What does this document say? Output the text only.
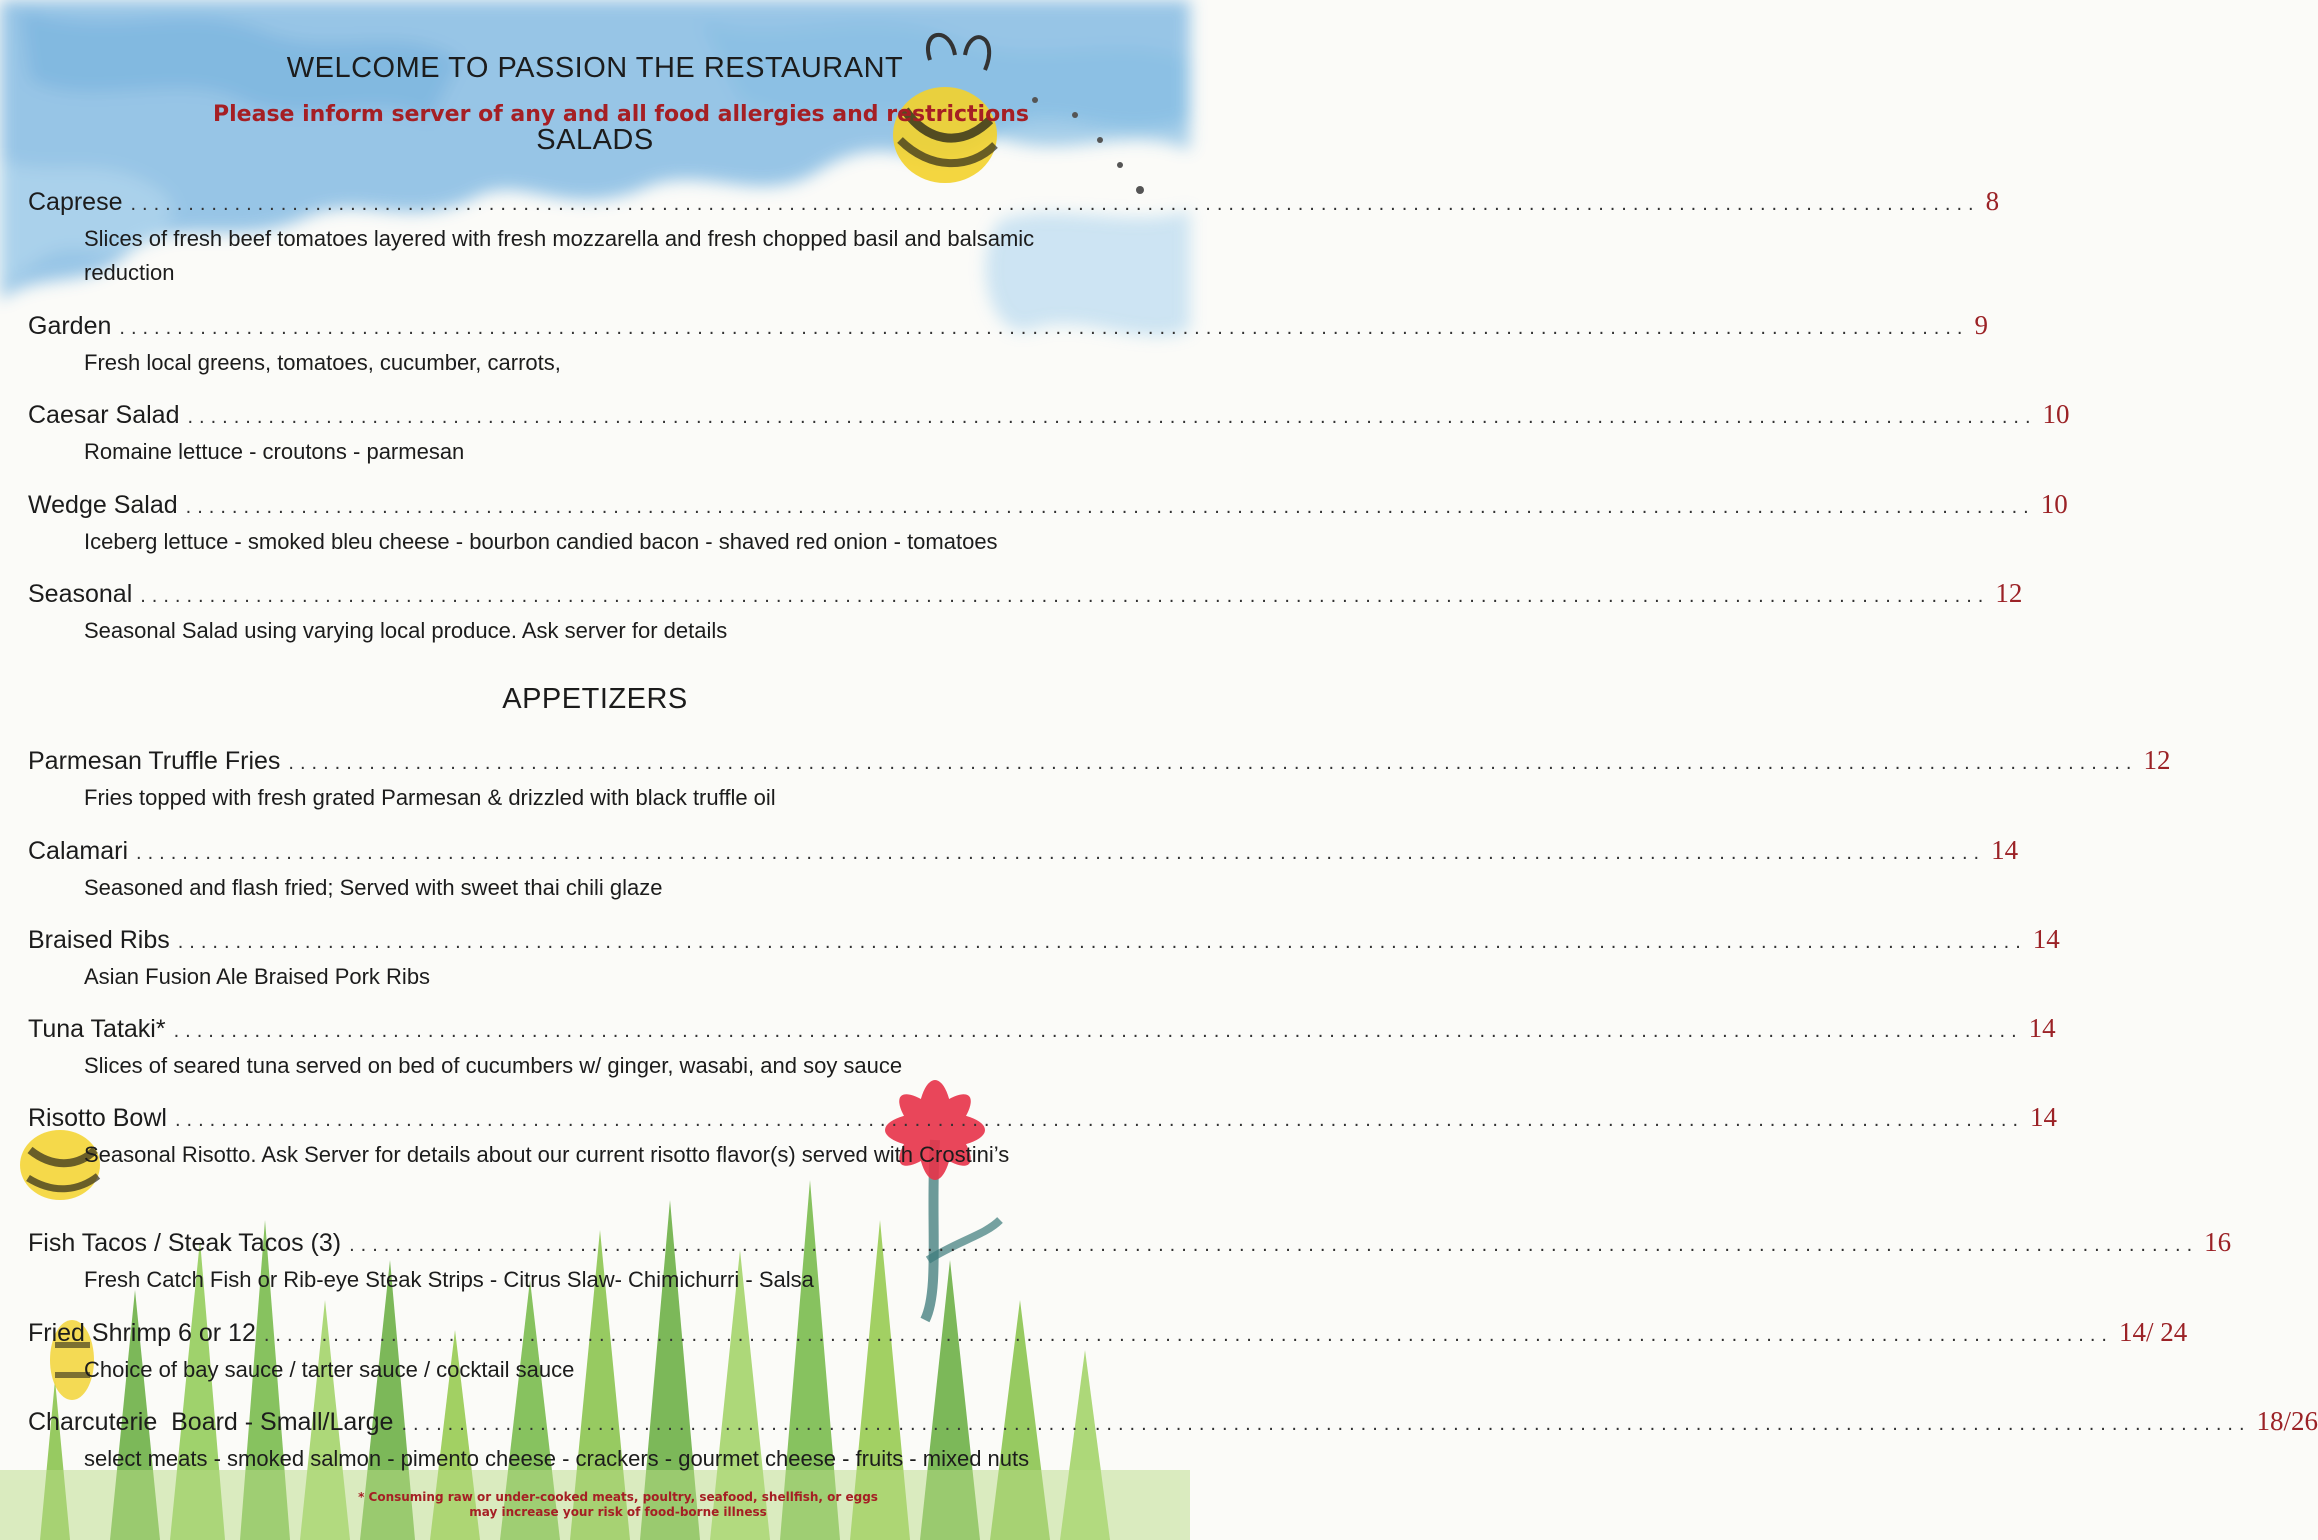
WELCOME TO PASSION THE RESTAURANT
Please inform server of any and all food allergies and restrictions
SALADS
Caprese ................................................................................................................................................................ 8
Slices of fresh beef tomatoes layered with fresh mozzarella and fresh chopped basil and balsamic reduction
Garden ................................................................................................................................................................ 9
Fresh local greens, tomatoes, cucumber, carrots,
Caesar Salad ................................................................................................................................................................ 10
Romaine lettuce - croutons - parmesan
Wedge Salad ................................................................................................................................................................ 10
Iceberg lettuce - smoked bleu cheese - bourbon candied bacon - shaved red onion - tomatoes
Seasonal ................................................................................................................................................................ 12
Seasonal Salad using varying local produce. Ask server for details
APPETIZERS
Parmesan Truffle Fries ................................................................................................................................................................ 12
Fries topped with fresh grated Parmesan & drizzled with black truffle oil
Calamari ................................................................................................................................................................ 14
Seasoned and flash fried; Served with sweet thai chili glaze
Braised Ribs ................................................................................................................................................................ 14
Asian Fusion Ale Braised Pork Ribs
Tuna Tataki* ................................................................................................................................................................ 14
Slices of seared tuna served on bed of cucumbers w/ ginger, wasabi, and soy sauce
Risotto Bowl ................................................................................................................................................................ 14
Seasonal Risotto. Ask Server for details about our current risotto flavor(s) served with Crostini’s
Fish Tacos / Steak Tacos (3) ................................................................................................................................................................ 16
Fresh Catch Fish or Rib-eye Steak Strips - Citrus Slaw- Chimichurri - Salsa
Fried Shrimp 6 or 12 ................................................................................................................................................................ 14/ 24
Choice of bay sauce / tarter sauce / cocktail sauce
Charcuterie  Board - Small/Large ................................................................................................................................................................ 18/26
select meats - smoked salmon - pimento cheese - crackers - gourmet cheese - fruits - mixed nuts
* Consuming raw or under-cooked meats, poultry, seafood, shellfish, or eggs
may increase your risk of food-borne illness
